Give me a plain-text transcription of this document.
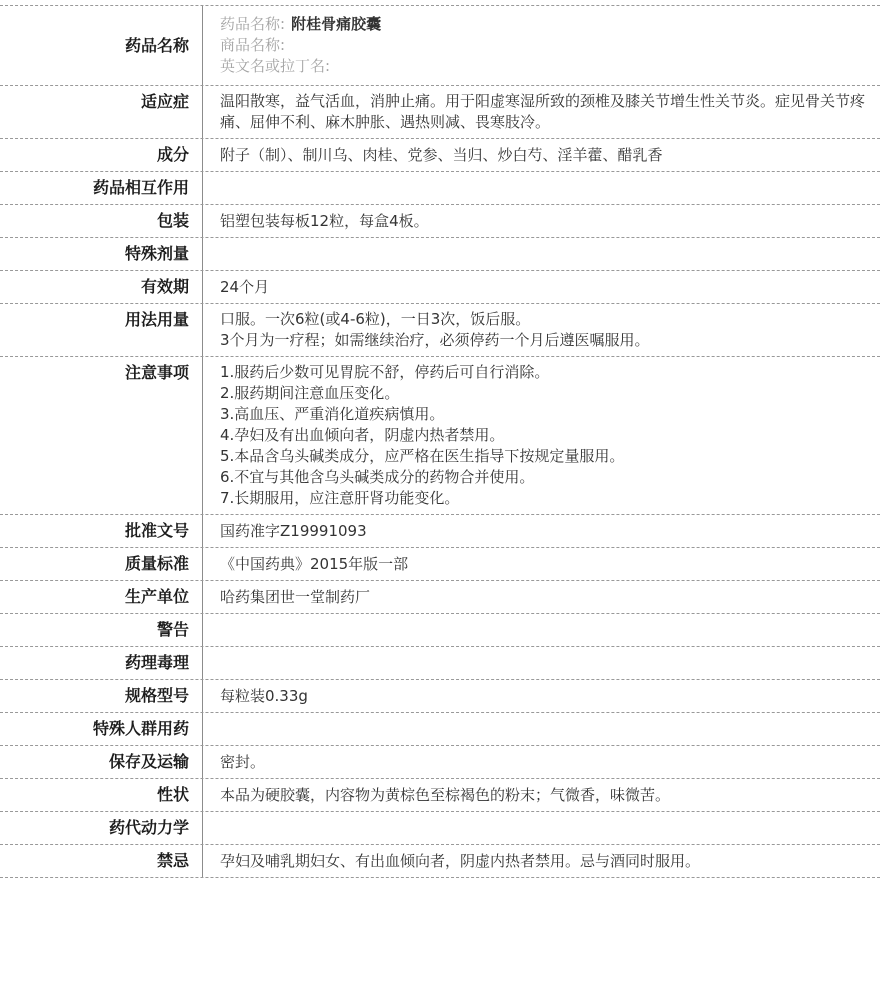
药品名称
药品名称: 附桂骨痛胶囊
商品名称:
英文名或拉丁名:
适应症	温阳散寒，益气活血，消肿止痛。用于阳虚寒湿所致的颈椎及膝关节增生性关节炎。症见骨关节疼痛、屈伸不利、麻木肿胀、遇热则减、畏寒肢冷。
成分	附子（制）、制川乌、肉桂、党参、当归、炒白芍、淫羊藿、醋乳香
药品相互作用
包装	铝塑包装每板12粒，每盒4板。
特殊剂量
有效期	24个月
用法用量	口服。一次6粒(或4-6粒)，一日3次，饭后服。
3个月为一疗程；如需继续治疗，必须停药一个月后遵医嘱服用。
注意事项	1.服药后少数可见胃脘不舒，停药后可自行消除。
2.服药期间注意血压变化。
3.高血压、严重消化道疾病慎用。
4.孕妇及有出血倾向者，阴虚内热者禁用。
5.本品含乌头碱类成分，应严格在医生指导下按规定量服用。
6.不宜与其他含乌头碱类成分的药物合并使用。
7.长期服用，应注意肝肾功能变化。
批准文号	国药准字Z19991093
质量标准	《中国药典》2015年版一部
生产单位	哈药集团世一堂制药厂
警告
药理毒理
规格型号	每粒装0.33g
特殊人群用药
保存及运输	密封。
性状	本品为硬胶囊，内容物为黄棕色至棕褐色的粉末；气微香，味微苦。
药代动力学
禁忌	孕妇及哺乳期妇女、有出血倾向者，阴虚内热者禁用。忌与酒同时服用。
